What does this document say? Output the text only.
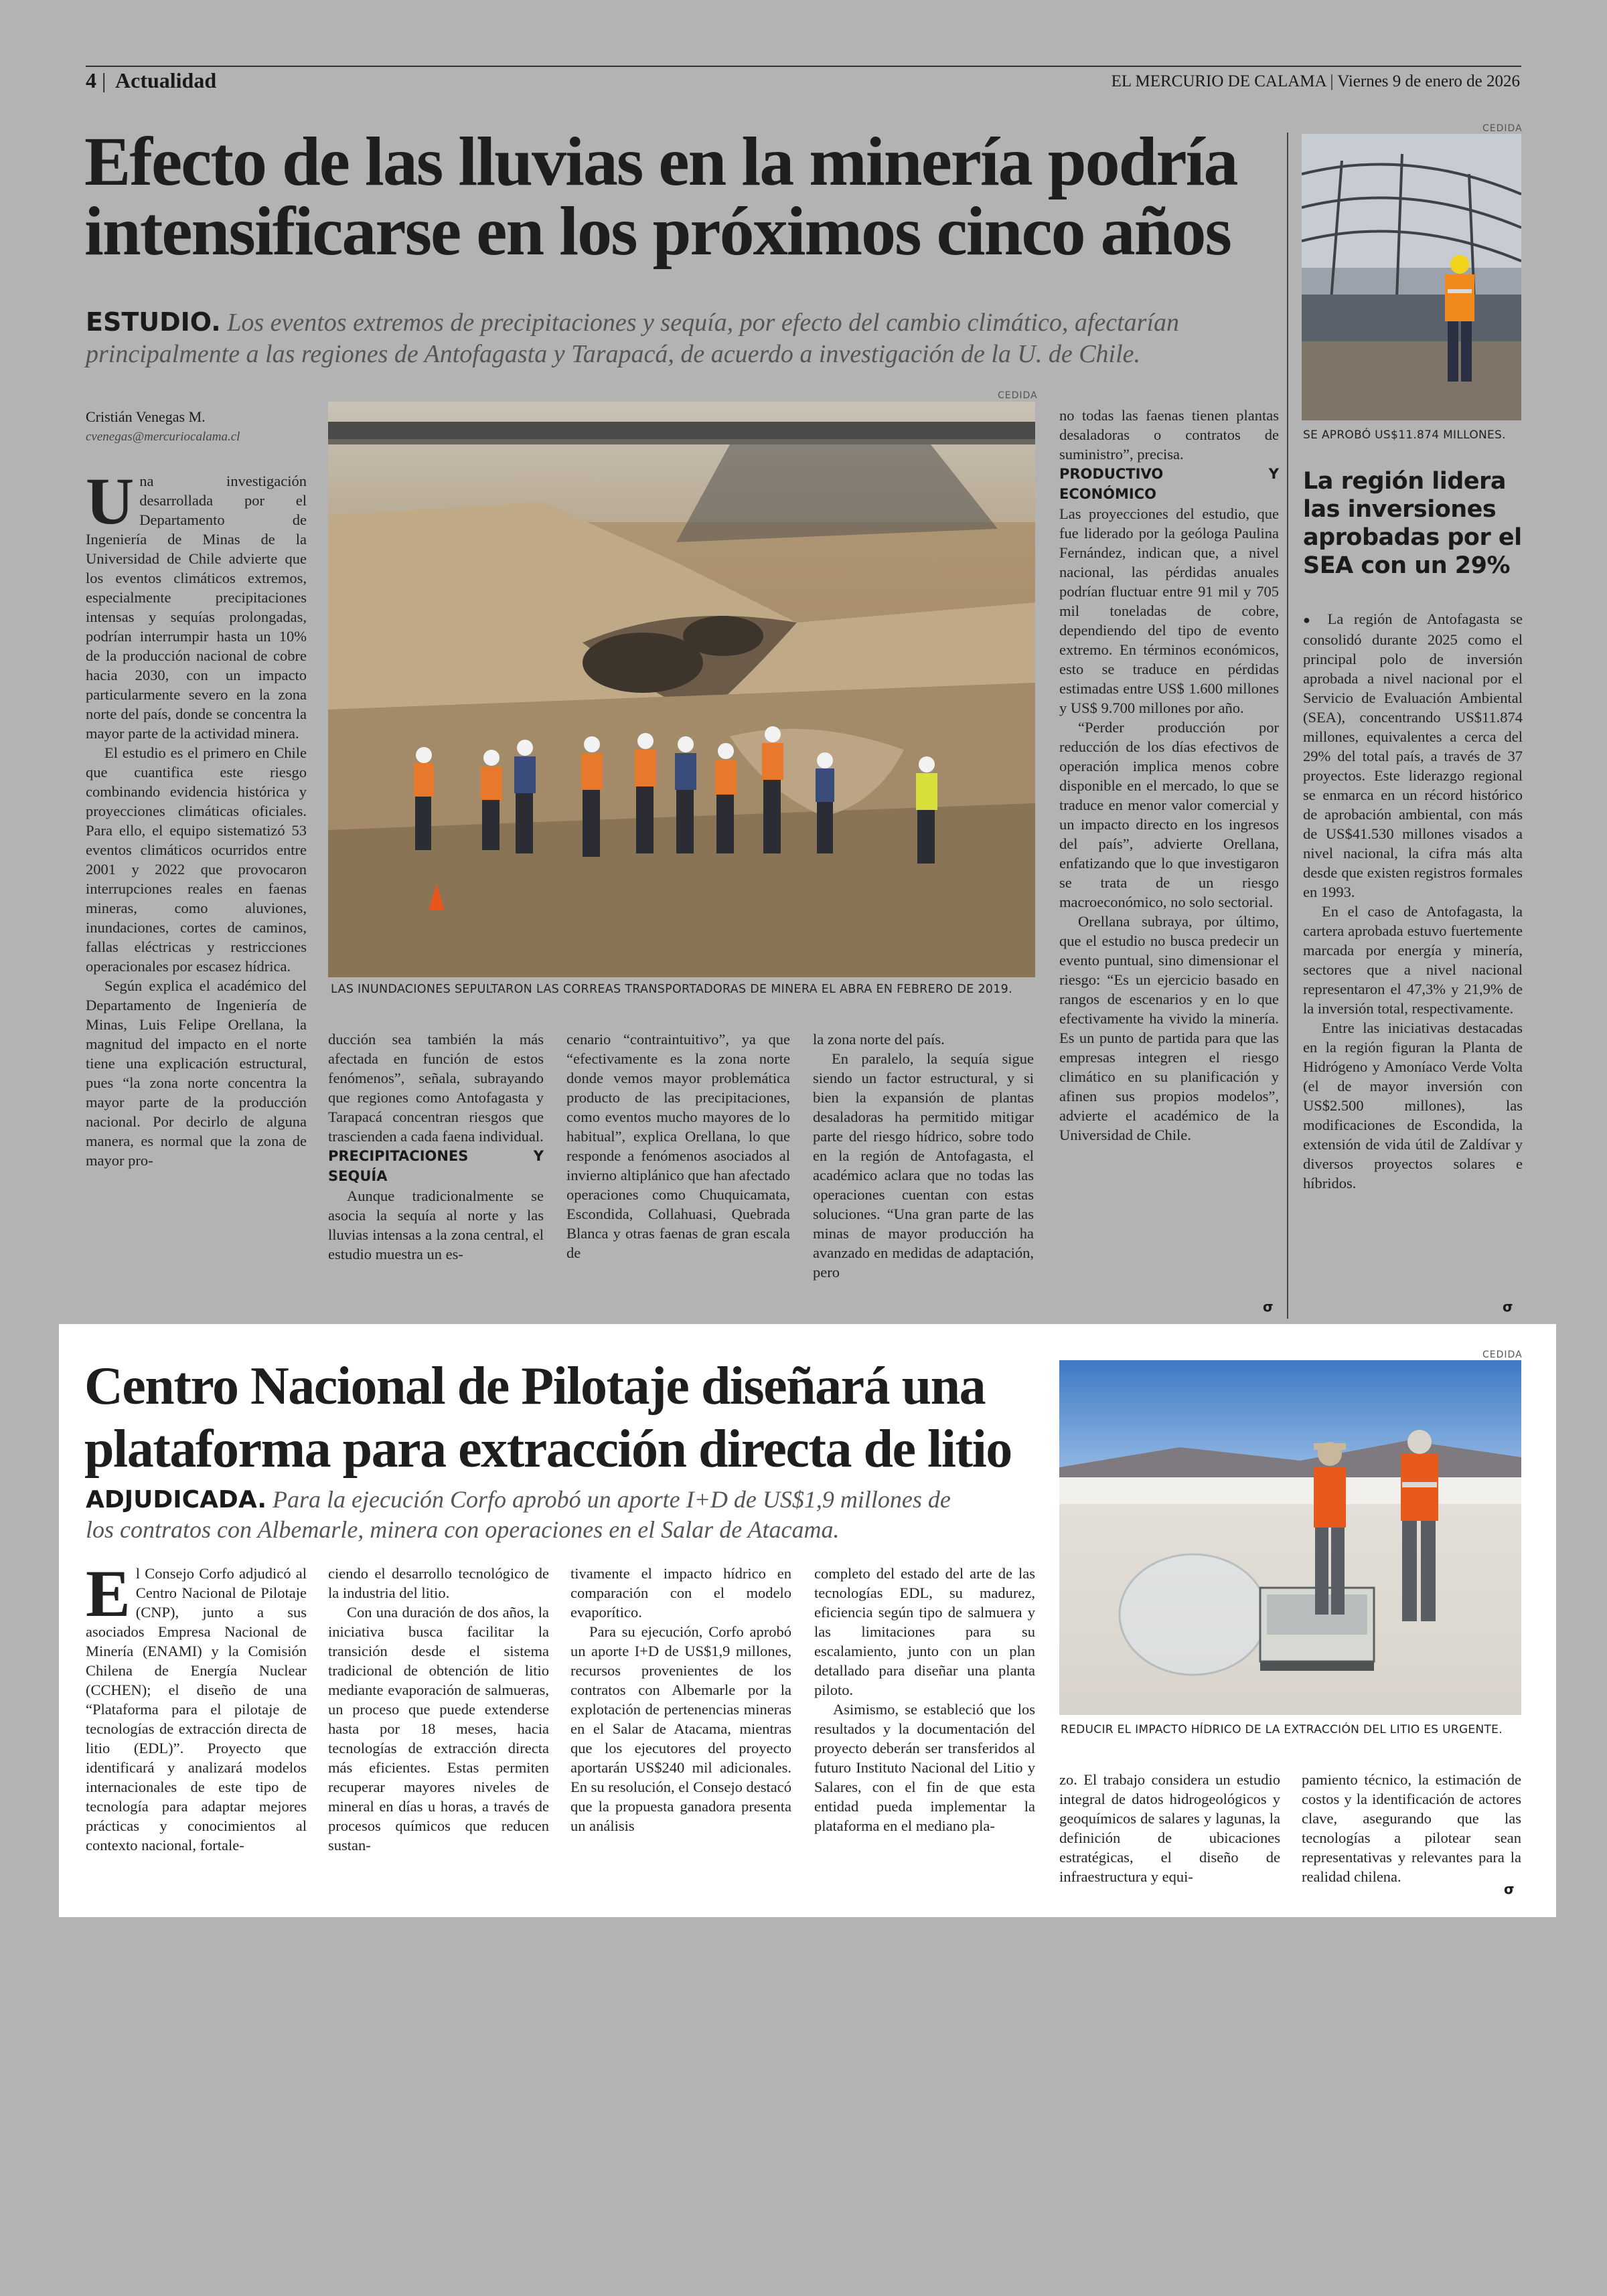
4 | Actualidad	EL MERCURIO DE CALAMA | Viernes 9 de enero de 2026
Efecto de las lluvias en la minería podría
intensificarse en los próximos cinco años
ESTUDIO. Los eventos extremos de precipitaciones y sequía, por efecto del cambio climático, afectarían
principalmente a las regiones de Antofagasta y Tarapacá, de acuerdo a investigación de la U. de Chile.
Cristián Venegas M.
cvenegas@mercuriocalama.cl
CEDIDA
LAS INUNDACIONES SEPULTARON LAS CORREAS TRANSPORTADORAS DE MINERA EL ABRA EN FEBRERO DE 2019.

Una investigación desarrollada por el Departamento de Ingeniería de Minas de la Universidad de Chile advierte que los eventos climáticos extremos, especialmente precipitaciones intensas y sequías prolongadas, podrían interrumpir hasta un 10% de la producción nacional de cobre hacia 2030, con un impacto particularmente severo en la zona norte del país, donde se concentra la mayor parte de la actividad minera.

El estudio es el primero en Chile que cuantifica este riesgo combinando evidencia histórica y proyecciones climáticas oficiales. Para ello, el equipo sistematizó 53 eventos climáticos ocurridos entre 2001 y 2022 que provocaron interrupciones reales en faenas mineras, como aluviones, inundaciones, cortes de caminos, fallas eléctricas y restricciones operacionales por escasez hídrica.

Según explica el académico del Departamento de Ingeniería de Minas, Luis Felipe Orellana, la magnitud del impacto en el norte tiene una explicación estructural, pues “la zona norte concentra la mayor parte de la producción nacional. Por decirlo de alguna manera, es normal que la zona de mayor pro-

ducción sea también la más afectada en función de estos fenómenos”, señala, subrayando que regiones como Antofagasta y Tarapacá concentran riesgos que trascienden a cada faena individual.

PRECIPITACIONES Y SEQUÍA

Aunque tradicionalmente se asocia la sequía al norte y las lluvias intensas a la zona central, el estudio muestra un es-

cenario “contraintuitivo”, ya que “efectivamente es la zona norte donde vemos mayor problemática producto de las precipitaciones, como eventos mucho mayores de lo habitual”, explica Orellana, lo que responde a fenómenos asociados al invierno altiplánico que han afectado operaciones como Chuquicamata, Escondida, Collahuasi, Quebrada Blanca y otras faenas de gran escala de

la zona norte del país.

En paralelo, la sequía sigue siendo un factor estructural, y si bien la expansión de plantas desaladoras ha permitido mitigar parte del riesgo hídrico, sobre todo en la región de Antofagasta, el académico aclara que no todas las operaciones cuentan con estas soluciones. “Una gran parte de las minas de mayor producción ha avanzado en medidas de adaptación, pero

no todas las faenas tienen plantas desaladoras o contratos de suministro”, precisa.

PRODUCTIVO Y ECONÓMICO

Las proyecciones del estudio, que fue liderado por la geóloga Paulina Fernández, indican que, a nivel nacional, las pérdidas anuales podrían fluctuar entre 91 mil y 705 mil toneladas de cobre, dependiendo del tipo de evento extremo. En términos económicos, esto se traduce en pérdidas estimadas entre US$ 1.600 millones y US$ 9.700 millones por año.

“Perder producción por reducción de los días efectivos de operación implica menos cobre disponible en el mercado, lo que se traduce en menor valor comercial y un impacto directo en los ingresos del país”, advierte Orellana, enfatizando que lo que investigaron se trata de un riesgo macroeconómico, no solo sectorial.

Orellana subraya, por último, que el estudio no busca predecir un evento puntual, sino dimensionar el riesgo: “Es un ejercicio basado en rangos de escenarios y en lo que efectivamente ha vivido la minería. Es un punto de partida para que las empresas integren el riesgo climático en su planificación y afinen sus propios modelos”, advierte el académico de la Universidad de Chile.

σ
CEDIDA
SE APROBÓ US$11.874 MILLONES.
La región lidera
las inversiones
aprobadas por el
SEA con un 29%

● La región de Antofagasta se consolidó durante 2025 como el principal polo de inversión aprobada a nivel nacional por el Servicio de Evaluación Ambiental (SEA), concentrando US$11.874 millones, equivalentes a cerca del 29% del total país, a través de 37 proyectos. Este liderazgo regional se enmarca en un récord histórico de aprobación ambiental, con más de US$41.530 millones visados a nivel nacional, la cifra más alta desde que existen registros formales en 1993.

En el caso de Antofagasta, la cartera aprobada estuvo fuertemente marcada por energía y minería, sectores que a nivel nacional representaron el 47,3% y 21,9% de la inversión total, respectivamente.

Entre las iniciativas destacadas en la región figuran la Planta de Hidrógeno y Amoníaco Verde Volta (el de mayor inversión con US$2.500 millones), las modificaciones de Escondida, la extensión de vida útil de Zaldívar y diversos proyectos solares e híbridos.

σ
Centro Nacional de Pilotaje diseñará una
plataforma para extracción directa de litio
ADJUDICADA. Para la ejecución Corfo aprobó un aporte I+D de US$1,9 millones de
los contratos con Albemarle, minera con operaciones en el Salar de Atacama.
CEDIDA
REDUCIR EL IMPACTO HÍDRICO DE LA EXTRACCIÓN DEL LITIO ES URGENTE.

El Consejo Corfo adjudicó al Centro Nacional de Pilotaje (CNP), junto a sus asociados Empresa Nacional de Minería (ENAMI) y la Comisión Chilena de Energía Nuclear (CCHEN); el diseño de una “Plataforma para el pilotaje de tecnologías de extracción directa de litio (EDL)”. Proyecto que identificará y analizará modelos internacionales de este tipo de tecnología para adaptar mejores prácticas y conocimientos al contexto nacional, fortale-

ciendo el desarrollo tecnológico de la industria del litio.

Con una duración de dos años, la iniciativa busca facilitar la transición desde el sistema tradicional de obtención de litio mediante evaporación de salmueras, un proceso que puede extenderse hasta por 18 meses, hacia tecnologías de extracción directa más eficientes. Estas permiten recuperar mayores niveles de mineral en días u horas, a través de procesos químicos que reducen sustan-

tivamente el impacto hídrico en comparación con el modelo evaporítico.

Para su ejecución, Corfo aprobó un aporte I+D de US$1,9 millones, recursos provenientes de los contratos con Albemarle por la explotación de pertenencias mineras en el Salar de Atacama, mientras que los ejecutores del proyecto aportarán US$240 mil adicionales. En su resolución, el Consejo destacó que la propuesta ganadora presenta un análisis

completo del estado del arte de las tecnologías EDL, su madurez, eficiencia según tipo de salmuera y las limitaciones para su escalamiento, junto con un plan detallado para diseñar una planta piloto.

Asimismo, se estableció que los resultados y la documentación del proyecto deberán ser transferidos al futuro Instituto Nacional del Litio y Salares, con el fin de que esta entidad pueda implementar la plataforma en el mediano pla-

zo. El trabajo considera un estudio integral de datos hidrogeológicos y geoquímicos de salares y lagunas, la definición de ubicaciones estratégicas, el diseño de infraestructura y equi-

pamiento técnico, la estimación de costos y la identificación de actores clave, asegurando que las tecnologías a pilotear sean representativas y relevantes para la realidad chilena.

σ
